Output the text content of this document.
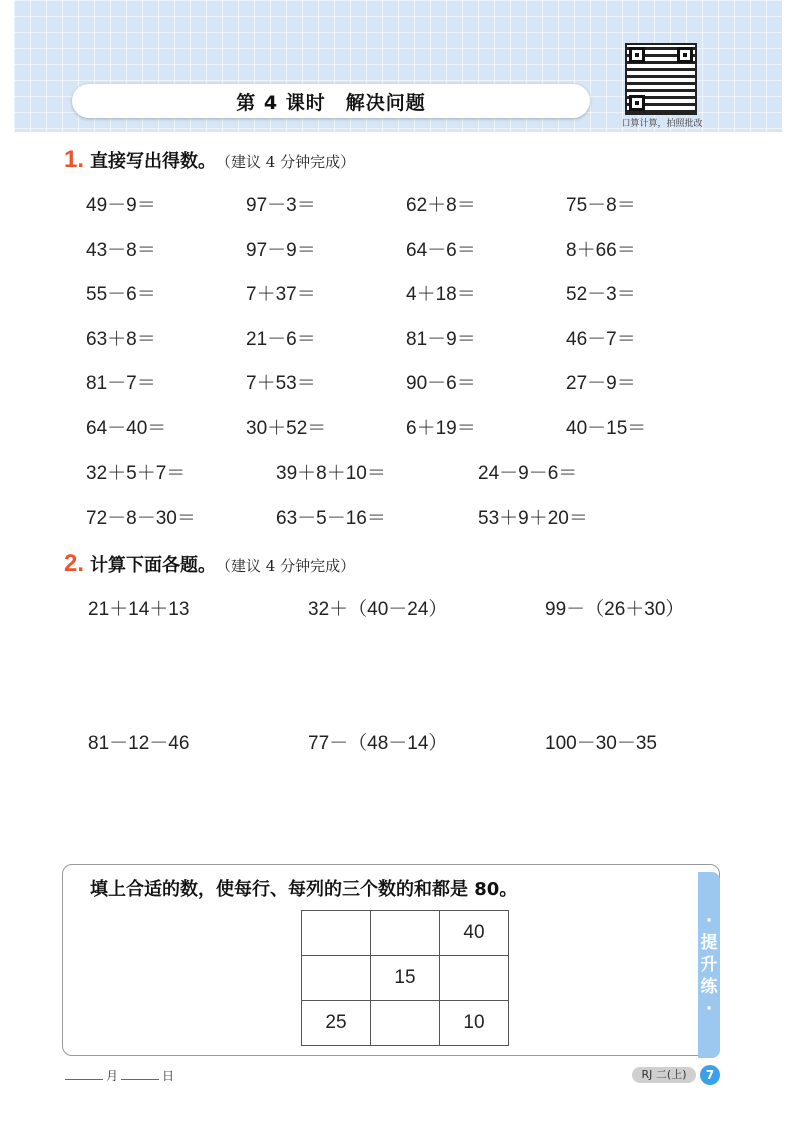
第 4 课时　解决问题
口算计算，拍照批改
1. 直接写出得数。 （建议 4 分钟完成）
49－9＝	97－3＝	62＋8＝	75－8＝
43－8＝	97－9＝	64－6＝	8＋66＝
55－6＝	7＋37＝	4＋18＝	52－3＝
63＋8＝	21－6＝	81－9＝	46－7＝
81－7＝	7＋53＝	90－6＝	27－9＝
64－40＝	30＋52＝	6＋19＝	40－15＝
32＋5＋7＝	39＋8＋10＝	24－9－6＝
72－8－30＝	63－5－16＝	53＋9＋20＝
2. 计算下面各题。 （建议 4 分钟完成）
21＋14＋13	32＋（40－24）	99－（26＋30）
81－12－46	77－（48－14）	100－30－35
·
提
升
练
·
填上合适的数，使每行、每列的三个数的和都是 80。
		40
	15	
25		10
月	日	RJ 二(上)	7
